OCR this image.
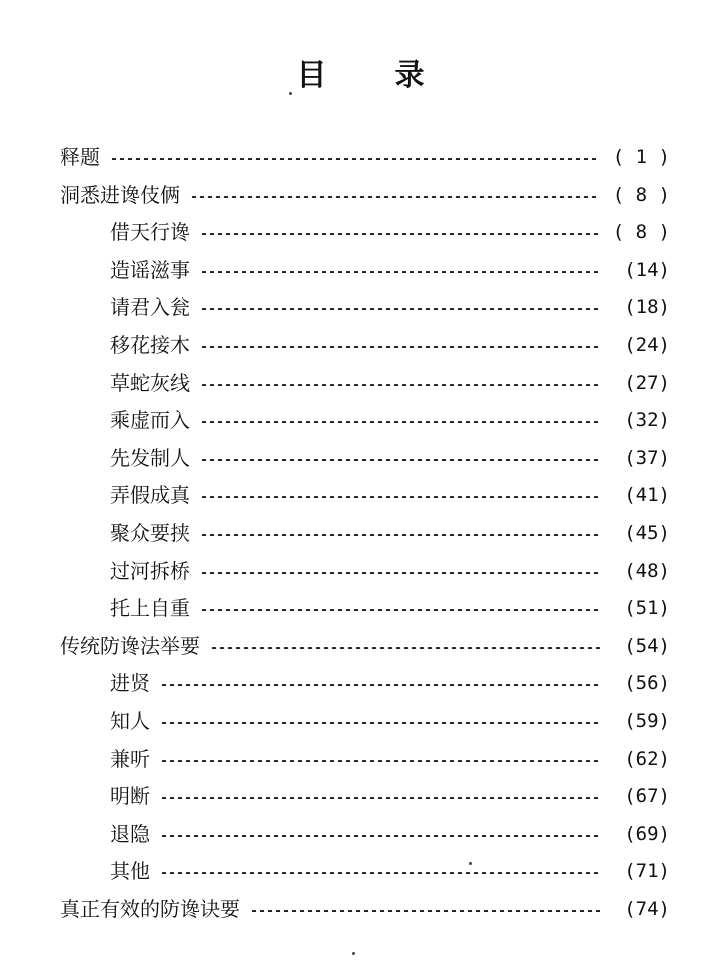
目 录
释题	( 1 )
洞悉进谗伎俩	( 8 )
借天行谗	( 8 )
造谣滋事	(14)
请君入瓮	(18)
移花接木	(24)
草蛇灰线	(27)
乘虚而入	(32)
先发制人	(37)
弄假成真	(41)
聚众要挟	(45)
过河拆桥	(48)
托上自重	(51)
传统防谗法举要	(54)
进贤	(56)
知人	(59)
兼听	(62)
明断	(67)
退隐	(69)
其他	(71)
真正有效的防谗诀要	(74)
